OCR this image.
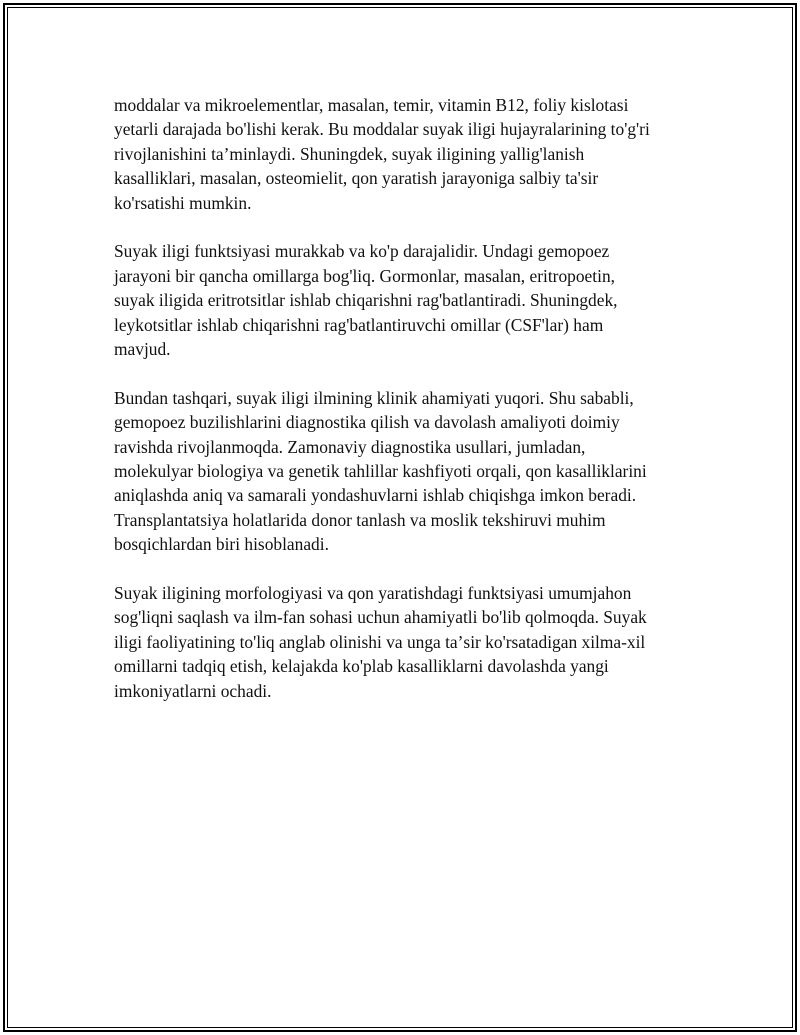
moddalar va mikroelementlar, masalan, temir, vitamin B12, foliy kislotasi
yetarli darajada bo'lishi kerak. Bu moddalar suyak iligi hujayralarining to'g'ri
rivojlanishini taʼminlaydi. Shuningdek, suyak iligining yallig'lanish
kasalliklari, masalan, osteomielit, qon yaratish jarayoniga salbiy ta'sir
ko'rsatishi mumkin.

Suyak iligi funktsiyasi murakkab va ko'p darajalidir. Undagi gemopoez
jarayoni bir qancha omillarga bog'liq. Gormonlar, masalan, eritropoetin,
suyak iligida eritrotsitlar ishlab chiqarishni rag'batlantiradi. Shuningdek,
leykotsitlar ishlab chiqarishni rag'batlantiruvchi omillar (CSF'lar) ham
mavjud.

Bundan tashqari, suyak iligi ilmining klinik ahamiyati yuqori. Shu sababli,
gemopoez buzilishlarini diagnostika qilish va davolash amaliyoti doimiy
ravishda rivojlanmoqda. Zamonaviy diagnostika usullari, jumladan,
molekulyar biologiya va genetik tahlillar kashfiyoti orqali, qon kasalliklarini
aniqlashda aniq va samarali yondashuvlarni ishlab chiqishga imkon beradi.
Transplantatsiya holatlarida donor tanlash va moslik tekshiruvi muhim
bosqichlardan biri hisoblanadi.

Suyak iligining morfologiyasi va qon yaratishdagi funktsiyasi umumjahon
sog'liqni saqlash va ilm-fan sohasi uchun ahamiyatli bo'lib qolmoqda. Suyak
iligi faoliyatining to'liq anglab olinishi va unga taʼsir ko'rsatadigan xilma-xil
omillarni tadqiq etish, kelajakda ko'plab kasalliklarni davolashda yangi
imkoniyatlarni ochadi.
